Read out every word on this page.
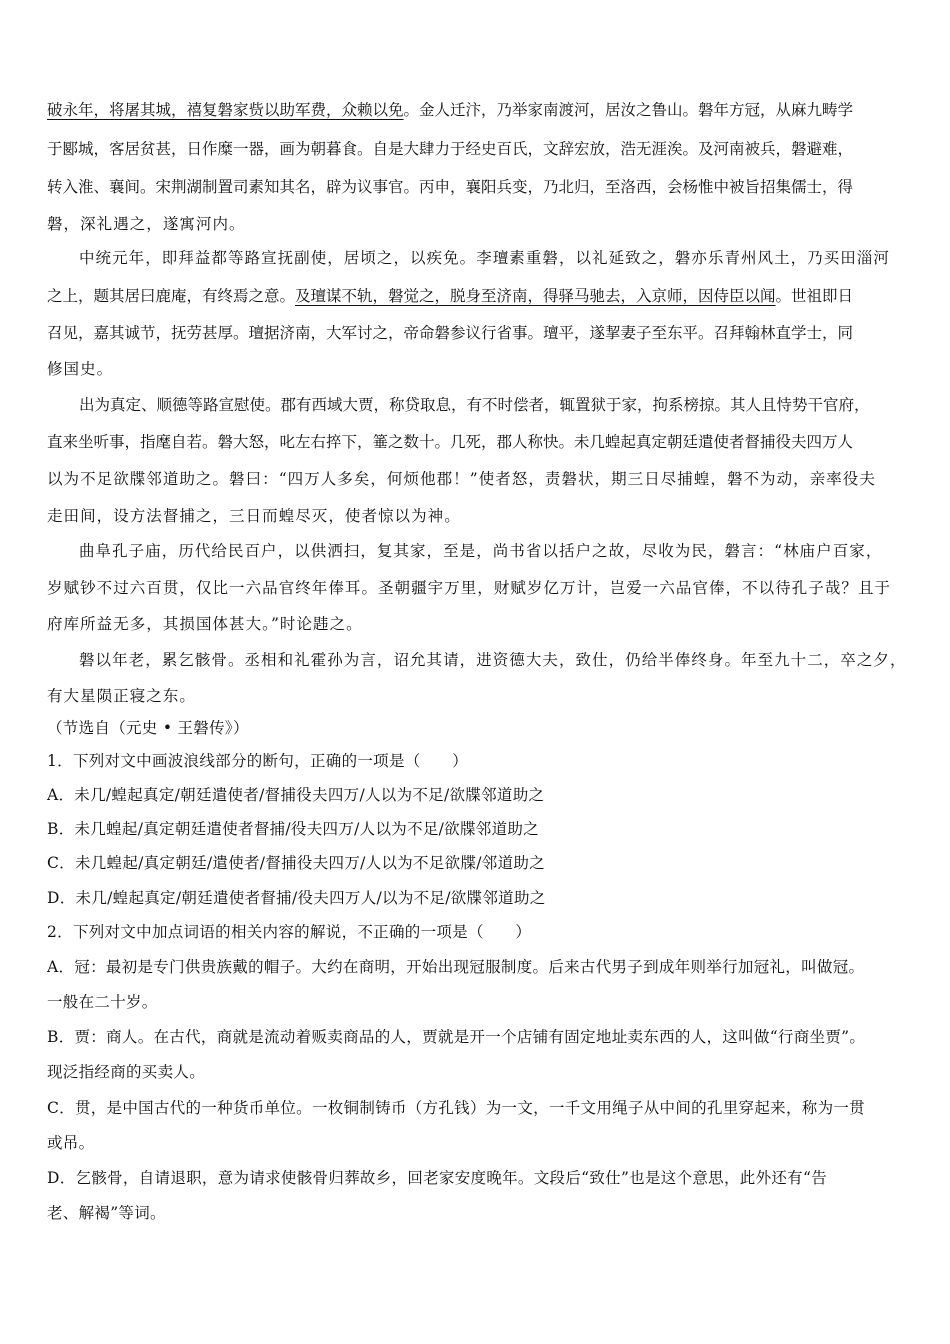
破永年，将屠其城，禧复磐家赀以助军费，众赖以免。金人迁汴，乃举家南渡河，居汝之鲁山。磐年方冠，从麻九畴学
于郾城，客居贫甚，日作糜一器，画为朝暮食。自是大肆力于经史百氏，文辞宏放，浩无涯涘。及河南被兵，磐避难，
转入淮、襄间。宋荆湖制置司素知其名，辟为议事官。丙申，襄阳兵变，乃北归，至洛西，会杨惟中被旨招集儒士，得
磐，深礼遇之，遂寓河内。
中统元年，即拜益都等路宣抚副使，居顷之，以疾免。李璮素重磐，以礼延致之，磐亦乐青州风土，乃买田淄河
之上，题其居曰鹿庵，有终焉之意。及璮谋不轨，磐觉之，脱身至济南，得驿马驰去，入京师，因侍臣以闻。世祖即日
召见，嘉其诚节，抚劳甚厚。璮据济南，大军讨之，帝命磐参议行省事。璮平，遂挈妻子至东平。召拜翰林直学士，同
修国史。
出为真定、顺德等路宣慰使。郡有西域大贾，称贷取息，有不时偿者，辄置狱于家，拘系榜掠。其人且恃势干官府，
直来坐听事，指麾自若。磐大怒，叱左右捽下，箠之数十。几死，郡人称快。未几蝗起真定朝廷遣使者督捕役夫四万人
以为不足欲牒邻道助之。磐曰：“四万人多矣，何烦他郡！”使者怒，责磐状，期三日尽捕蝗，磐不为动，亲率役夫
走田间，设方法督捕之，三日而蝗尽灭，使者惊以为神。
曲阜孔子庙，历代给民百户，以供洒扫，复其家，至是，尚书省以括户之故，尽收为民，磐言：“林庙户百家，
岁赋钞不过六百贯，仅比一六品官终年俸耳。圣朝疆宇万里，财赋岁亿万计，岂爱一六品官俸，不以待孔子哉？且于
府库所益无多，其损国体甚大。”时论韪之。
磐以年老，累乞骸骨。丞相和礼霍孙为言，诏允其请，进资德大夫，致仕，仍给半俸终身。年至九十二，卒之夕，
有大星陨正寝之东。
（节选自（元史 • 王磐传》）
1．下列对文中画波浪线部分的断句，正确的一项是（　　）
A．未几/蝗起真定/朝廷遣使者/督捕役夫四万/人以为不足/欲牒邻道助之
B．未几蝗起/真定朝廷遣使者督捕/役夫四万/人以为不足/欲牒邻道助之
C．未几蝗起/真定朝廷/遣使者/督捕役夫四万/人以为不足欲牒/邻道助之
D．未几/蝗起真定/朝廷遣使者督捕/役夫四万人/以为不足/欲牒邻道助之
2．下列对文中加点词语的相关内容的解说，不正确的一项是（　　）
A．冠：最初是专门供贵族戴的帽子。大约在商明，开始出现冠服制度。后来古代男子到成年则举行加冠礼，叫做冠。
一般在二十岁。
B．贾：商人。在古代，商就是流动着贩卖商品的人，贾就是开一个店铺有固定地址卖东西的人，这叫做“行商坐贾”。
现泛指经商的买卖人。
C．贯，是中国古代的一种货币单位。一枚铜制铸币（方孔钱）为一文，一千文用绳子从中间的孔里穿起来，称为一贯
或吊。
D．乞骸骨，自请退职，意为请求使骸骨归葬故乡，回老家安度晚年。文段后“致仕”也是这个意思，此外还有“告
老、解褐”等词。
